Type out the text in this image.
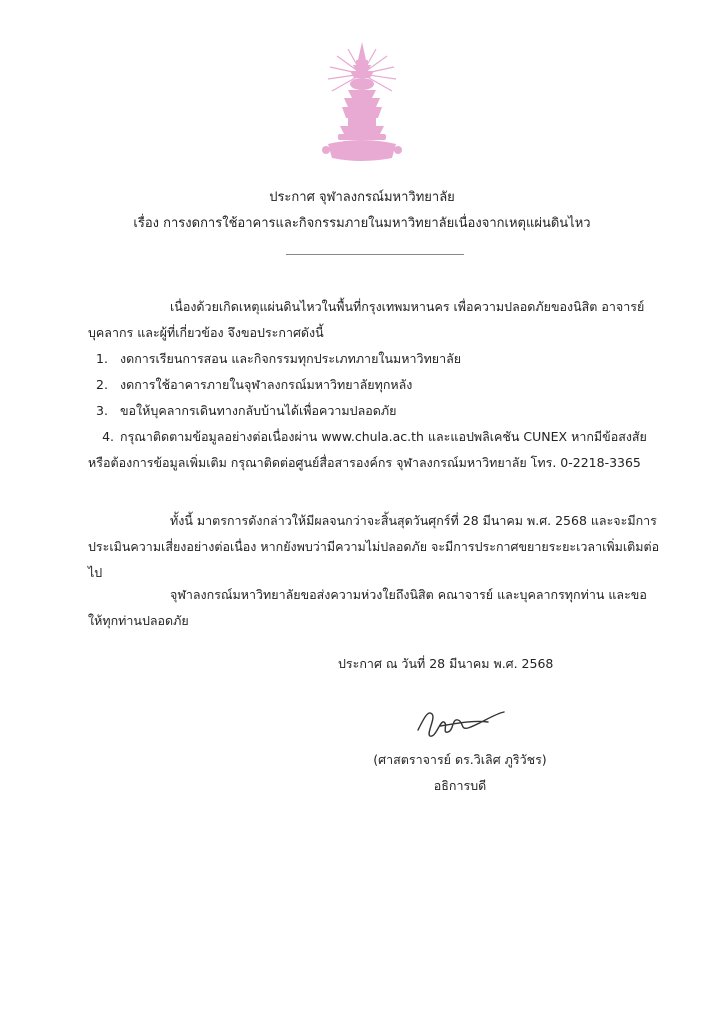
ประกาศ จุฬาลงกรณ์มหาวิทยาลัย
เรื่อง การงดการใช้อาคารและกิจกรรมภายในมหาวิทยาลัยเนื่องจากเหตุแผ่นดินไหว
เนื่องด้วยเกิดเหตุแผ่นดินไหวในพื้นที่กรุงเทพมหานคร เพื่อความปลอดภัยของนิสิต อาจารย์ บุคลากร และผู้ที่เกี่ยวข้อง จึงขอประกาศดังนี้
1. งดการเรียนการสอน และกิจกรรมทุกประเภทภายในมหาวิทยาลัย
2. งดการใช้อาคารภายในจุฬาลงกรณ์มหาวิทยาลัยทุกหลัง
3. ขอให้บุคลากรเดินทางกลับบ้านได้เพื่อความปลอดภัย
4. กรุณาติดตามข้อมูลอย่างต่อเนื่องผ่าน www.chula.ac.th และแอปพลิเคชัน CUNEX หากมีข้อสงสัยหรือต้องการข้อมูลเพิ่มเติม กรุณาติดต่อศูนย์สื่อสารองค์กร จุฬาลงกรณ์มหาวิทยาลัย โทร. 0-2218-3365
ทั้งนี้ มาตรการดังกล่าวให้มีผลจนกว่าจะสิ้นสุดวันศุกร์ที่ 28 มีนาคม พ.ศ. 2568 และจะมีการประเมินความเสี่ยงอย่างต่อเนื่อง หากยังพบว่ามีความไม่ปลอดภัย จะมีการประกาศขยายระยะเวลาเพิ่มเติมต่อไป
จุฬาลงกรณ์มหาวิทยาลัยขอส่งความห่วงใยถึงนิสิต คณาจารย์ และบุคลากรทุกท่าน และขอให้ทุกท่านปลอดภัย
ประกาศ ณ วันที่ 28 มีนาคม พ.ศ. 2568
(ศาสตราจารย์ ดร.วิเลิศ ภูริวัชร)
อธิการบดี
